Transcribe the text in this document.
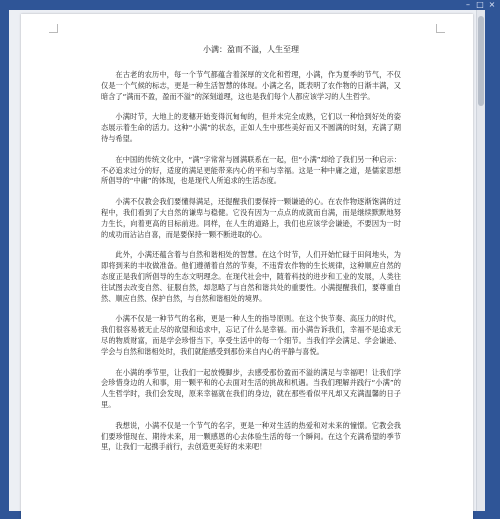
– □ ×

小满：盈而不溢，人生至理

在古老的农历中，每一个节气都蕴含着深厚的文化和哲理，小满，作为夏季的节气，不仅仅是一个气候的标志，更是一种生活智慧的体现。小满之名，既表明了农作物的日渐丰满，又暗含了“满而不盈，盈而不溢”的深刻道理，这也是我们每个人都应该学习的人生哲学。

小满时节，大地上的麦穗开始变得沉甸甸的，但并未完全成熟，它们以一种恰到好处的姿态展示着生命的活力。这种“小满”的状态，正如人生中那些美好而又不圆满的时刻，充满了期待与希望。

在中国的传统文化中，“满”字常常与圆满联系在一起，但“小满”却给了我们另一种启示：不必追求过分的好，适度的满足更能带来内心的平和与幸福。这是一种中庸之道，是儒家思想所倡导的“中庸”的体现，也是现代人所追求的生活态度。

小满不仅教会我们要懂得满足，还提醒我们要保持一颗谦逊的心。在农作物逐渐饱满的过程中，我们看到了大自然的谦卑与稳健。它没有因为一点点的成就而自满，而是继续默默地努力生长，向着更高的目标前进。同样，在人生的道路上，我们也应该学会谦逊，不要因为一时的成功而沾沾自喜，而是要保持一颗不断进取的心。

此外，小满还蕴含着与自然和谐相处的智慧。在这个时节，人们开始忙碌于田间地头，为即将到来的丰收做准备。他们遵循着自然的节奏，不违背农作物的生长规律，这种顺应自然的态度正是我们所倡导的生态文明理念。在现代社会中，随着科技的进步和工业的发展，人类往往试图去改变自然、征服自然，却忽略了与自然和谐共处的重要性。小满提醒我们，要尊重自然、顺应自然、保护自然，与自然和谐相处的境界。

小满不仅是一种节气的名称，更是一种人生的指导原则。在这个快节奏、高压力的时代，我们很容易被无止尽的欲望和追求中，忘记了什么是幸福。而小满告诉我们，幸福不是追求无尽的物质财富，而是学会珍惜当下，享受生活中的每一个细节。当我们学会满足、学会谦逊、学会与自然和谐相处时，我们就能感受到那份来自内心的平静与喜悦。

在小满的季节里，让我们一起放慢脚步，去感受那份盈而不溢的满足与幸福吧！让我们学会珍惜身边的人和事，用一颗平和的心去面对生活的挑战和机遇。当我们理解并践行“小满”的人生哲学时，我们会发现，原来幸福就在我们的身边，就在那些看似平凡却又充满温馨的日子里。

我想说，小满不仅是一个节气的名字，更是一种对生活的热爱和对未来的憧憬。它教会我们要珍惜现在、期待未来，用一颗感恩的心去体验生活的每一个瞬间。在这个充满希望的季节里，让我们一起携手前行，去创造更美好的未来吧！
